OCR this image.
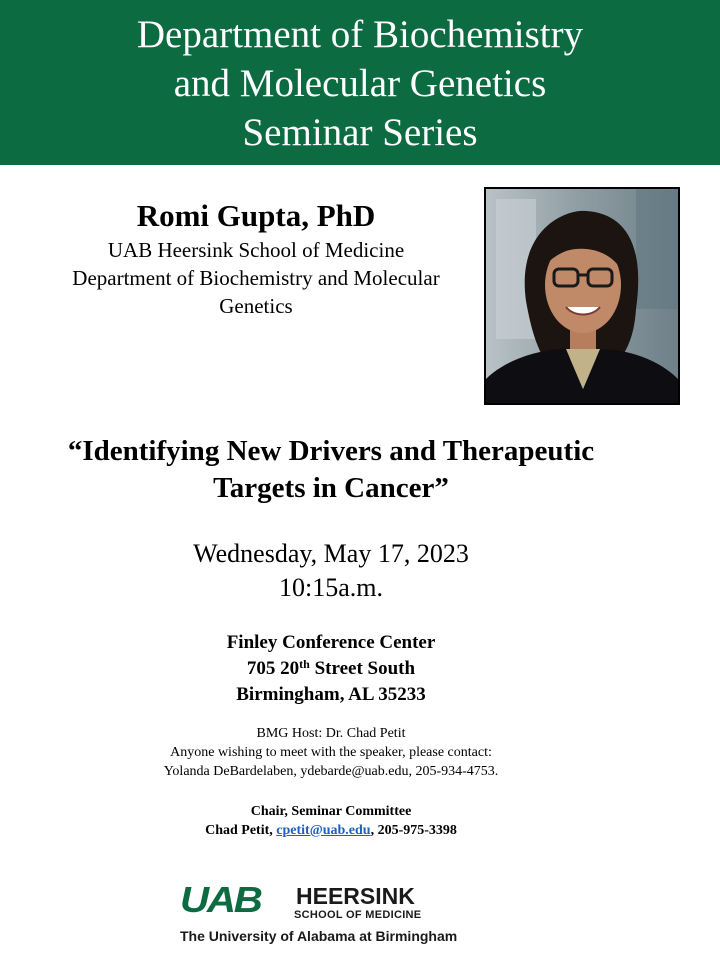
Department of Biochemistry
and Molecular Genetics
Seminar Series
Romi Gupta, PhD
UAB Heersink School of Medicine
Department of Biochemistry and Molecular
Genetics
“Identifying New Drivers and Therapeutic
Targets in Cancer”
Wednesday, May 17, 2023
10:15a.m.
Finley Conference Center
705 20th Street South
Birmingham, AL 35233
BMG Host: Dr. Chad Petit
Anyone wishing to meet with the speaker, please contact:
Yolanda DeBardelaben, ydebarde@uab.edu, 205-934-4753.
Chair, Seminar Committee
Chad Petit, cpetit@uab.edu, 205-975-3398
UAB HEERSINK
SCHOOL OF MEDICINE
The University of Alabama at Birmingham
